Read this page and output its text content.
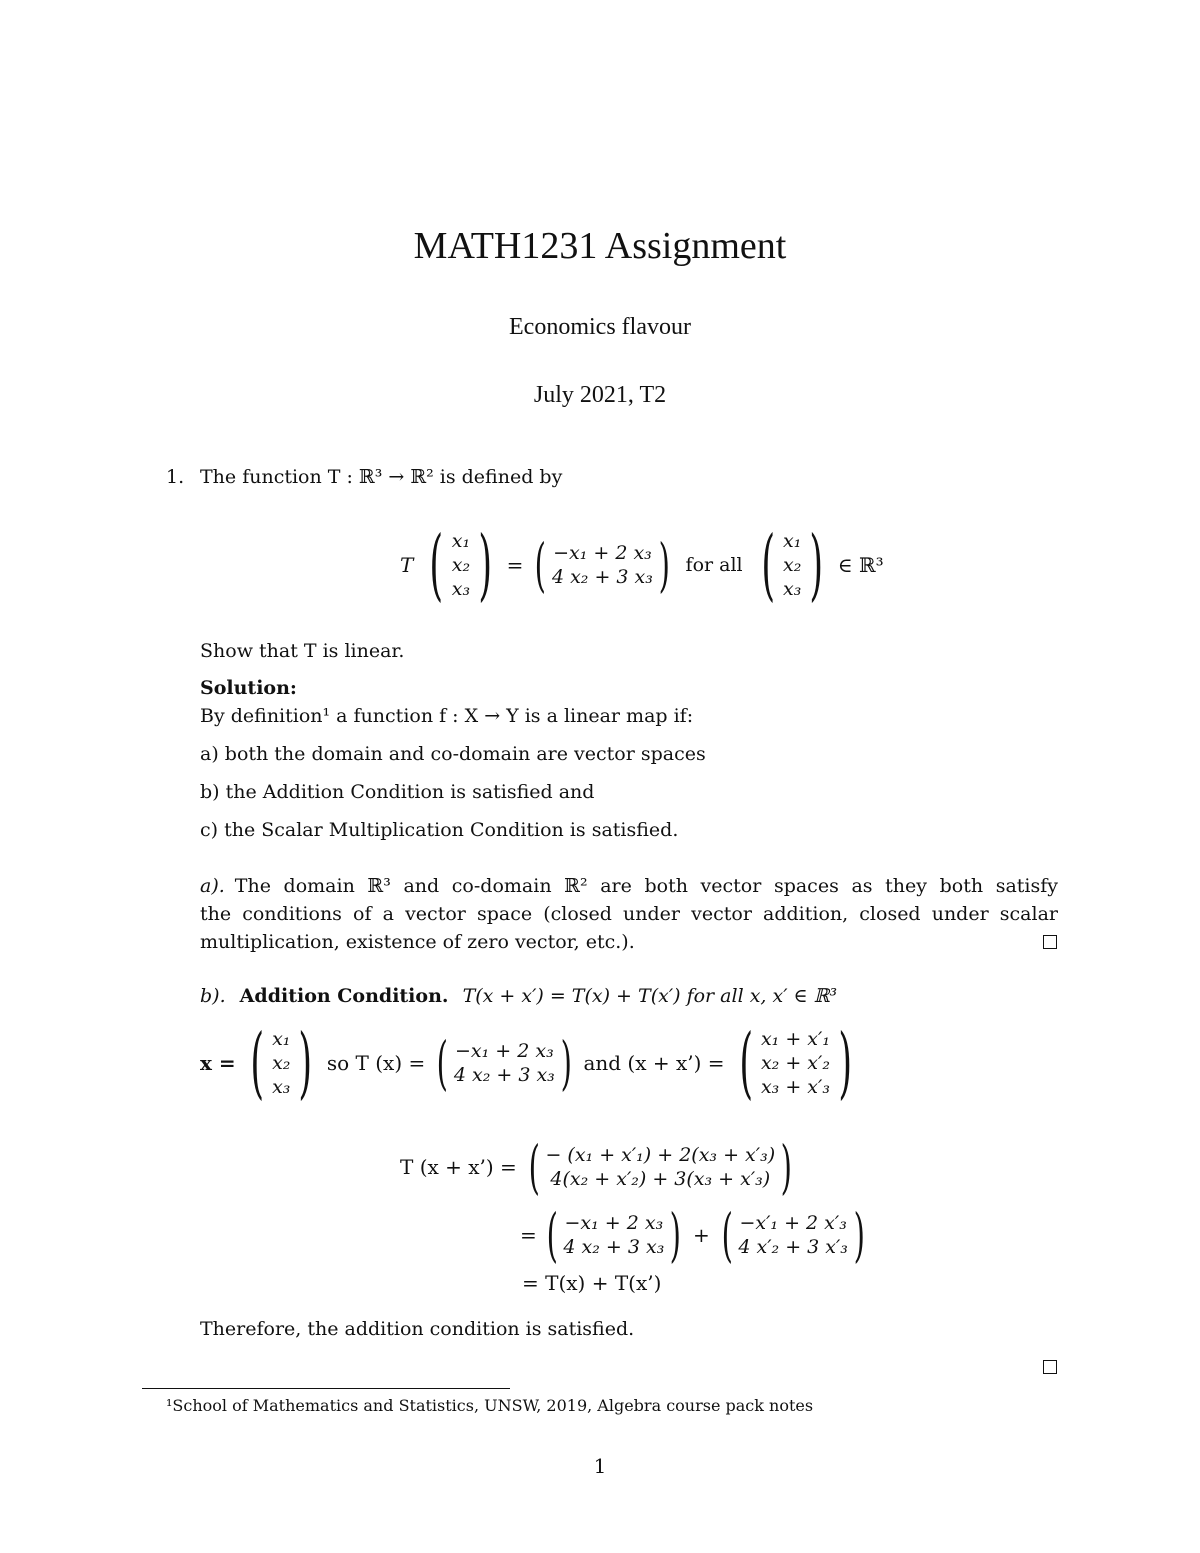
MATH1231 Assignment
Economics flavour
July 2021, T2
1. The function T : ℝ³ → ℝ² is defined by
T ( x₁
x₂
x₃ ) = ( −x₁ + 2 x₃
4 x₂ + 3 x₃ ) for all ( x₁
x₂
x₃ ) ∈ ℝ³
Show that T is linear.
Solution:
By definition¹ a function f : X → Y is a linear map if:
a) both the domain and co-domain are vector spaces
b) the Addition Condition is satisfied and
c) the Scalar Multiplication Condition is satisfied.
a). The domain ℝ³ and co-domain ℝ² are both vector spaces as they both satisfy
the conditions of a vector space (closed under vector addition, closed under scalar
multiplication, existence of zero vector, etc.).
b). Addition Condition. T(x + x′) = T(x) + T(x′) for all x, x′ ∈ ℝ³
x = ( x₁
x₂
x₃ ) so T (x) = ( −x₁ + 2 x₃
4 x₂ + 3 x₃ ) and (x + x’) = ( x₁ + x′₁
x₂ + x′₂
x₃ + x′₃ )
T (x + x’) = ( − (x₁ + x′₁) + 2(x₃ + x′₃)
4(x₂ + x′₂) + 3(x₃ + x′₃) )
= ( −x₁ + 2 x₃
4 x₂ + 3 x₃ ) + ( −x′₁ + 2 x′₃
4 x′₂ + 3 x′₃ )
= T(x) + T(x’)
Therefore, the addition condition is satisfied.
¹School of Mathematics and Statistics, UNSW, 2019, Algebra course pack notes
1
